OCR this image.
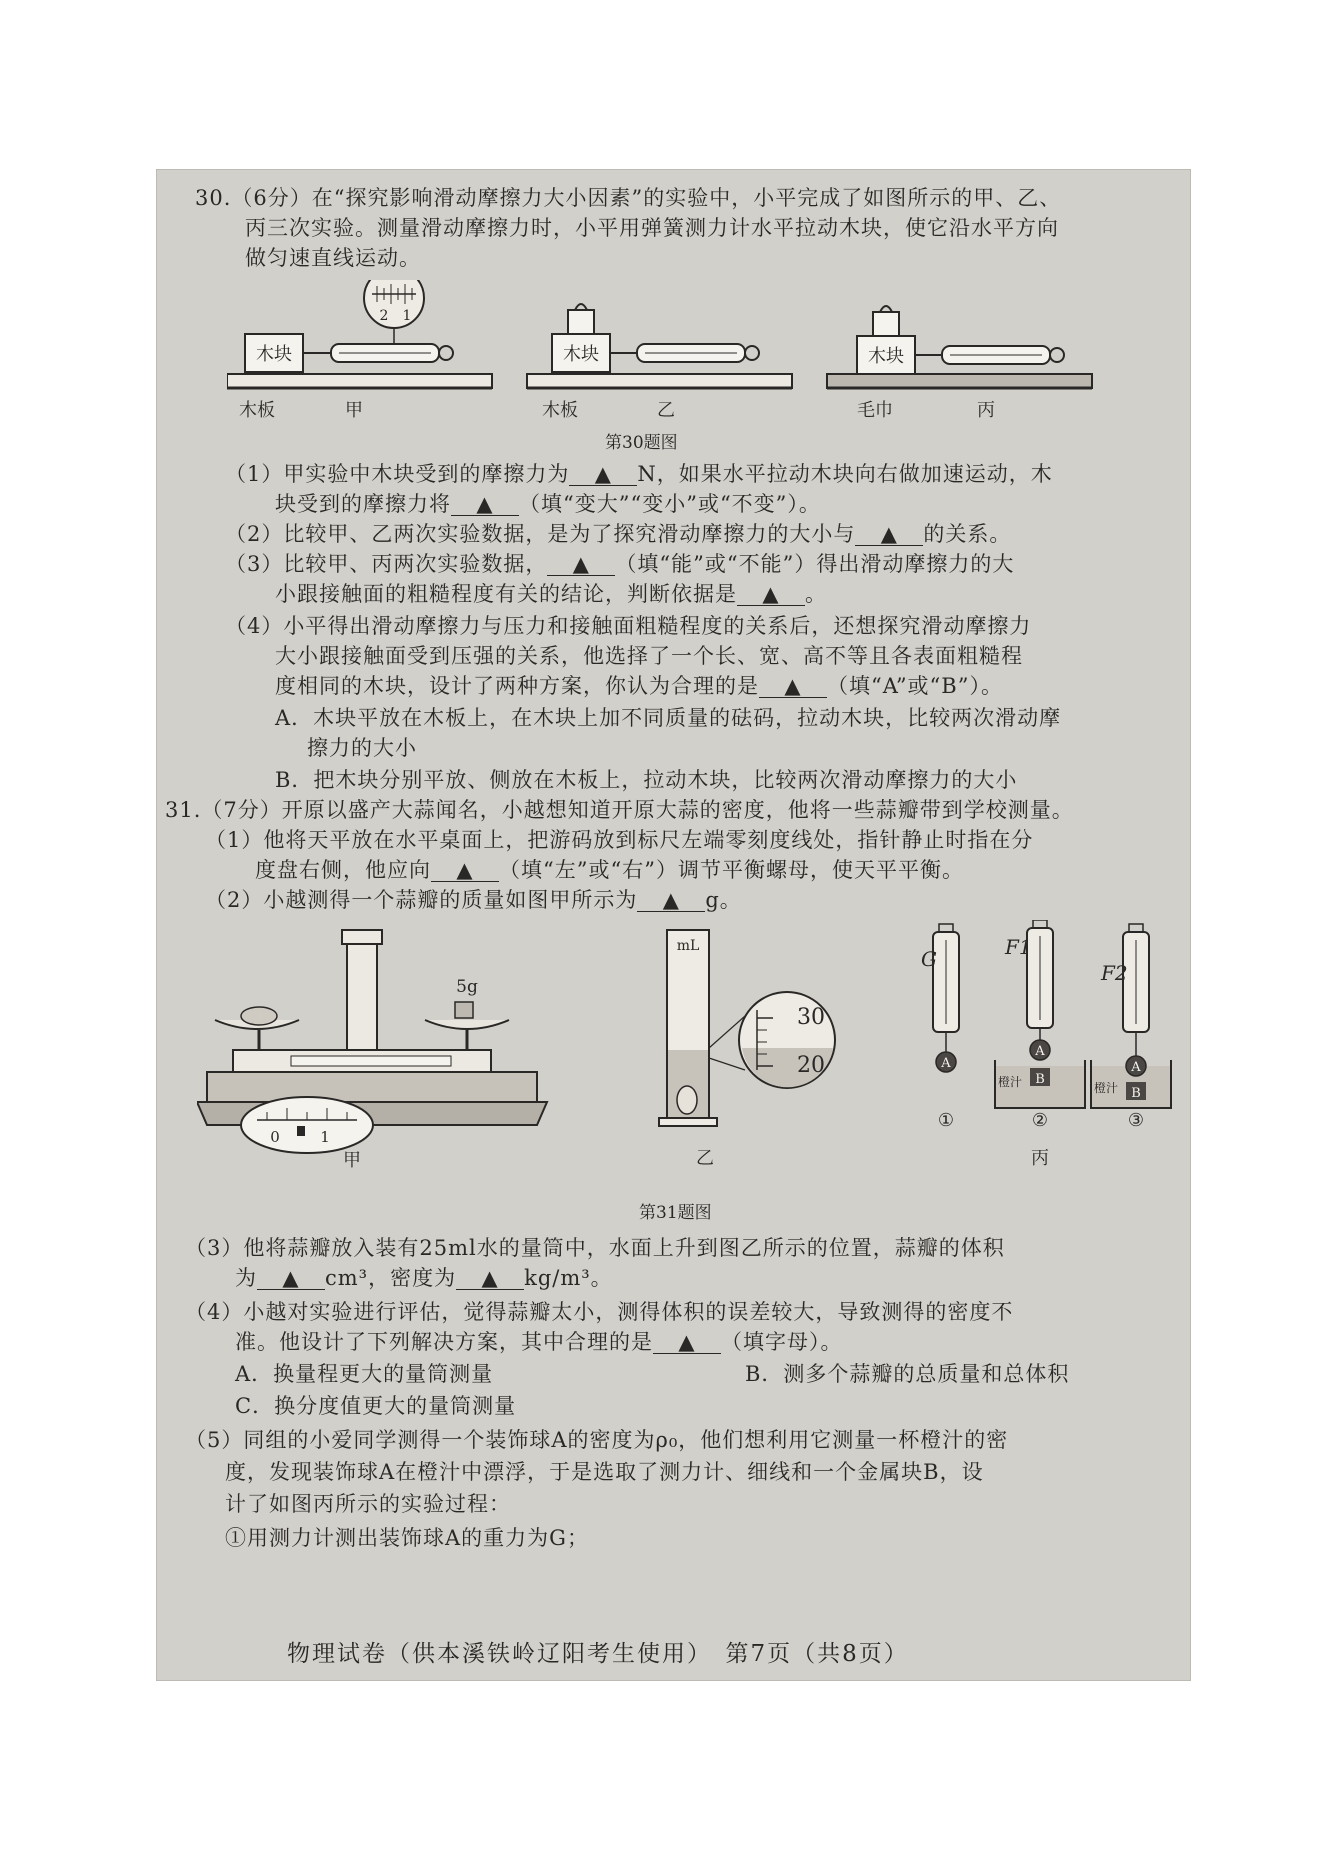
30.（6分）在“探究影响滑动摩擦力大小因素”的实验中，小平完成了如图所示的甲、乙、
丙三次实验。测量滑动摩擦力时，小平用弹簧测力计水平拉动木块，使它沿水平方向
做匀速直线运动。
木块
2 1
木板	甲
木块
木板	乙
木块
毛巾	丙
第30题图
（1）甲实验中木块受到的摩擦力为 ▲ N，如果水平拉动木块向右做加速运动，木
块受到的摩擦力将 ▲ （填“变大”“变小”或“不变”）。
（2）比较甲、乙两次实验数据，是为了探究滑动摩擦力的大小与 ▲ 的关系。
（3）比较甲、丙两次实验数据， ▲ （填“能”或“不能”）得出滑动摩擦力的大
小跟接触面的粗糙程度有关的结论，判断依据是 ▲ 。
（4）小平得出滑动摩擦力与压力和接触面粗糙程度的关系后，还想探究滑动摩擦力
大小跟接触面受到压强的关系，他选择了一个长、宽、高不等且各表面粗糙程
度相同的木块，设计了两种方案，你认为合理的是 ▲ （填“A”或“B”）。
A．木块平放在木板上，在木块上加不同质量的砝码，拉动木块，比较两次滑动摩
擦力的大小
B．把木块分别平放、侧放在木板上，拉动木块，比较两次滑动摩擦力的大小
31.（7分）开原以盛产大蒜闻名，小越想知道开原大蒜的密度，他将一些蒜瓣带到学校测量。
（1）他将天平放在水平桌面上，把游码放到标尺左端零刻度线处，指针静止时指在分
度盘右侧，他应向 ▲ （填“左”或“右”）调节平衡螺母，使天平平衡。
（2）小越测得一个蒜瓣的质量如图甲所示为 ▲ g。
5g
0	1
甲
mL
30
20
乙
A
G
①
A
F1
B
橙汁
②
丙
F2
A
B
橙汁
③
第31题图
（3）他将蒜瓣放入装有25ml水的量筒中，水面上升到图乙所示的位置，蒜瓣的体积
为 ▲ cm³，密度为 ▲ kg/m³。
（4）小越对实验进行评估，觉得蒜瓣太小，测得体积的误差较大，导致测得的密度不
准。他设计了下列解决方案，其中合理的是 ▲ （填字母）。
A．换量程更大的量筒测量	B．测多个蒜瓣的总质量和总体积
C．换分度值更大的量筒测量
（5）同组的小爱同学测得一个装饰球A的密度为ρ₀，他们想利用它测量一杯橙汁的密
度，发现装饰球A在橙汁中漂浮，于是选取了测力计、细线和一个金属块B，设
计了如图丙所示的实验过程：
①用测力计测出装饰球A的重力为G；
物理试卷（供本溪铁岭辽阳考生使用）　第7页（共8页）
